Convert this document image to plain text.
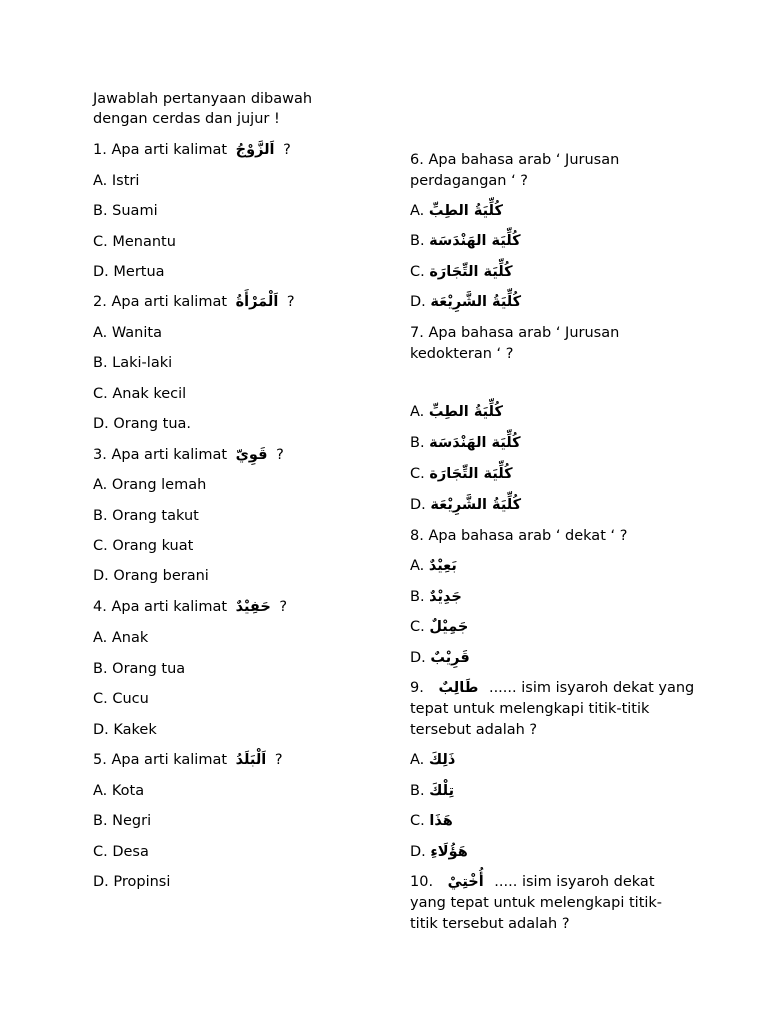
Jawablah pertanyaan dibawah
dengan cerdas dan jujur !
1. Apa arti kalimat اَلزَّوْجُ ?
A. Istri
B. Suami
C. Menantu
D. Mertua
2. Apa arti kalimat اَلْمَرْأَةُ ?
A. Wanita
B. Laki-laki
C. Anak kecil
D. Orang tua.
3. Apa arti kalimat قَوِيّ ?
A. Orang lemah
B. Orang takut
C. Orang kuat
D. Orang berani
4. Apa arti kalimat حَفِيْدٌ ?
A. Anak
B. Orang tua
C. Cucu
D. Kakek
5. Apa arti kalimat اَلْبَلَدُ ?
A. Kota
B. Negri
C. Desa
D. Propinsi
6. Apa bahasa arab ‘ Jurusan
perdagangan ‘ ?
A. كُلِّيَةُ الطِبِّ
B. كُلِّيَة الهَنْدَسَة
C. كُلِّيَة التِّجَارَة
D. كُلِّيَةُ الشَّرِيْعَة
7. Apa bahasa arab ‘ Jurusan
kedokteran ‘ ?
A. كُلِّيَةُ الطِبِّ
B. كُلِّيَة الهَنْدَسَة
C. كُلِّيَة التِّجَارَة
D. كُلِّيَةُ الشَّرِيْعَة
8. Apa bahasa arab ‘ dekat ‘ ?
A. بَعِيْدٌ
B. جَدِيْدٌ
C. جَمِيْلٌ
D. قَرِيْبٌ
9. طَالِبٌ ...... isim isyaroh dekat yang
tepat untuk melengkapi titik-titik
tersebut adalah ?
A. ذَلِكَ
B. تِلْكَ
C. هَذَا
D. هَؤُلَاءِ
10. أُخْتِيْ ..... isim isyaroh dekat
yang tepat untuk melengkapi titik-
titik tersebut adalah ?
